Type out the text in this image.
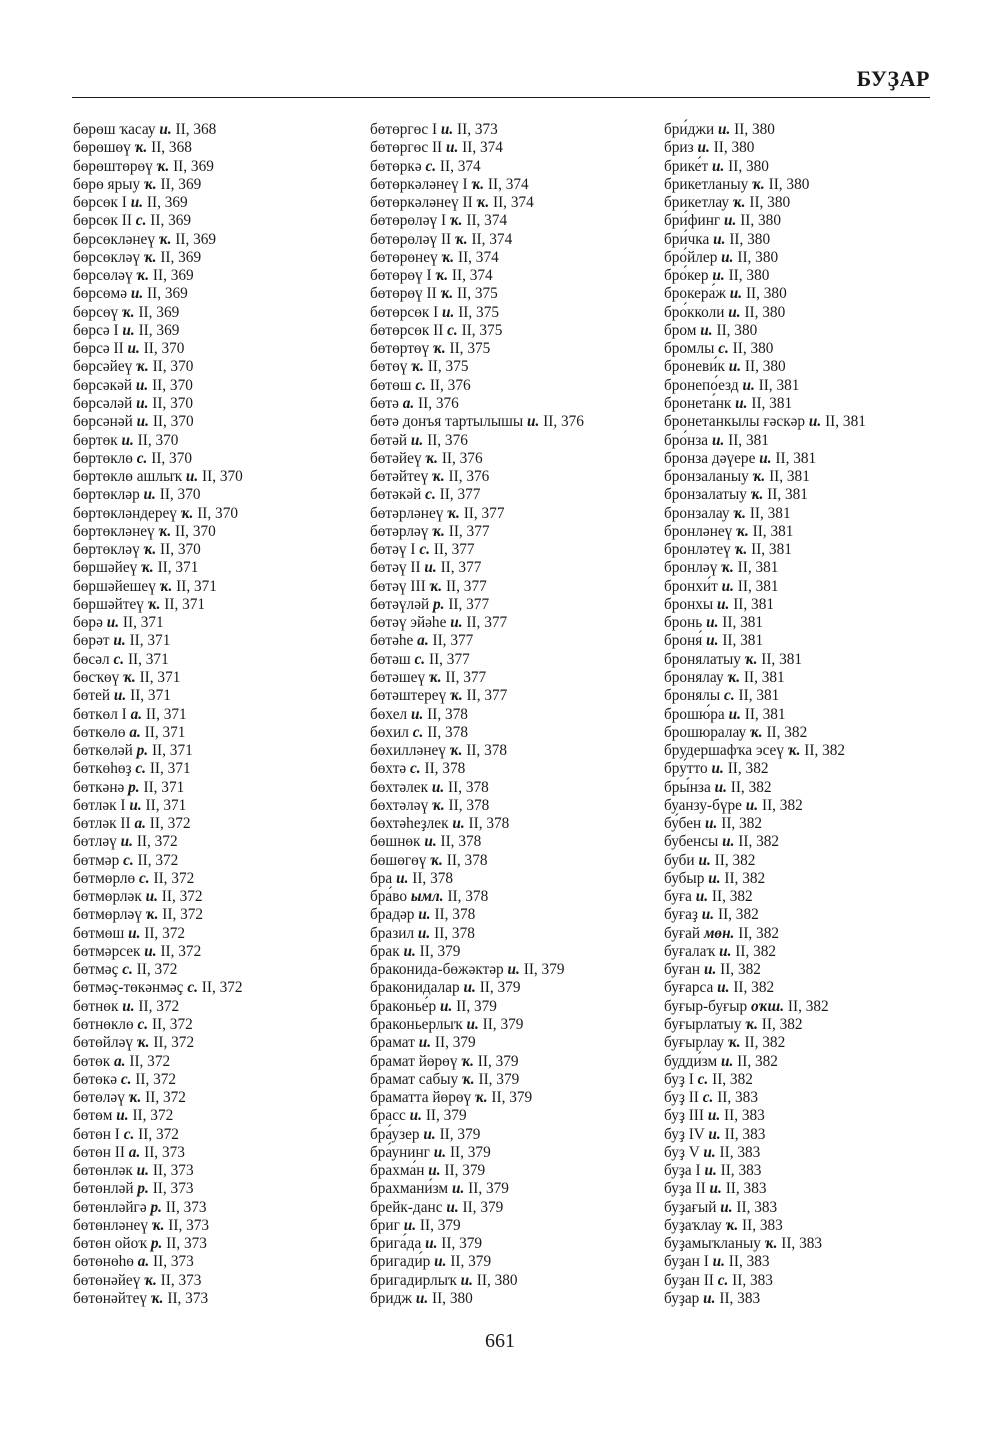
БУҘАР
бөрөш ҡасау и. II, 368
бөрөшөү ҡ. II, 368
бөрөштөрөү ҡ. II, 369
бөрө ярыу ҡ. II, 369
бөрсөк I и. II, 369
бөрсөк II с. II, 369
бөрсөкләнеү ҡ. II, 369
бөрсөкләү ҡ. II, 369
бөрсөләү ҡ. II, 369
бөрсөмә и. II, 369
бөрсөү ҡ. II, 369
бөрсә I и. II, 369
бөрсә II и. II, 370
бөрсәйеү ҡ. II, 370
бөрсәкәй и. II, 370
бөрсәләй и. II, 370
бөрсәнәй и. II, 370
бөртөк и. II, 370
бөртөклө с. II, 370
бөртөклө ашлыҡ и. II, 370
бөртөкләр и. II, 370
бөртөкләндереү ҡ. II, 370
бөртөкләнеү ҡ. II, 370
бөртөкләү ҡ. II, 370
бөршәйеү ҡ. II, 371
бөршәйешеү ҡ. II, 371
бөршәйтеү ҡ. II, 371
бөрә и. II, 371
бөрәт и. II, 371
бөсәл с. II, 371
бөсҡөү ҡ. II, 371
бөтей и. II, 371
бөткөл I а. II, 371
бөткөлө а. II, 371
бөткөләй р. II, 371
бөткөһөҙ с. II, 371
бөткәнә р. II, 371
бөтләк I и. II, 371
бөтләк II а. II, 372
бөтләү и. II, 372
бөтмәр с. II, 372
бөтмөрлө с. II, 372
бөтмөрләк и. II, 372
бөтмөрләү ҡ. II, 372
бөтмөш и. II, 372
бөтмәрсек и. II, 372
бөтмәҫ с. II, 372
бөтмәҫ-төкәнмәҫ с. II, 372
бөтнөк и. II, 372
бөтнөклө с. II, 372
бөтөйләү ҡ. II, 372
бөтөк а. II, 372
бөтөкә с. II, 372
бөтөләү ҡ. II, 372
бөтөм и. II, 372
бөтөн I с. II, 372
бөтөн II а. II, 373
бөтөнләк и. II, 373
бөтөнләй р. II, 373
бөтөнләйгә р. II, 373
бөтөнләнеү ҡ. II, 373
бөтөн ойоҡ р. II, 373
бөтөнөһө а. II, 373
бөтөнәйеү ҡ. II, 373
бөтөнәйтеү ҡ. II, 373
бөтөргөс I и. II, 373
бөтөргөс II и. II, 374
бөтөркә с. II, 374
бөтөркәләнеү I ҡ. II, 374
бөтөркәләнеү II ҡ. II, 374
бөтөрөләү I ҡ. II, 374
бөтөрөләү II ҡ. II, 374
бөтөрөнеү ҡ. II, 374
бөтөрөү I ҡ. II, 374
бөтөрөү II ҡ. II, 375
бөтөрсөк I и. II, 375
бөтөрсөк II с. II, 375
бөтөртөү ҡ. II, 375
бөтөү ҡ. II, 375
бөтөш с. II, 376
бөтә а. II, 376
бөтә донъя тартылышы и. II, 376
бөтәй и. II, 376
бөтәйеү ҡ. II, 376
бөтәйтеү ҡ. II, 376
бөтәкәй с. II, 377
бөтәрләнеү ҡ. II, 377
бөтәрләү ҡ. II, 377
бөтәү I с. II, 377
бөтәү II и. II, 377
бөтәү III ҡ. II, 377
бөтәүләй р. II, 377
бөтәү эйәһе и. II, 377
бөтәһе а. II, 377
бөтәш с. II, 377
бөтәшеү ҡ. II, 377
бөтәштереү ҡ. II, 377
бөхел и. II, 378
бөхил с. II, 378
бөхилләнеү ҡ. II, 378
бөхтә с. II, 378
бөхтәлек и. II, 378
бөхтәләү ҡ. II, 378
бөхтәһеҙлек и. II, 378
бөшнөк и. II, 378
бөшөгөү ҡ. II, 378
бра и. II, 378
бра́во ымл. II, 378
брадәр и. II, 378
бразил и. II, 378
брак и. II, 379
браконида-бөжәктәр и. II, 379
браконидалар и. II, 379
браконье́р и. II, 379
браконьерлыҡ и. II, 379
брамат и. II, 379
брамат йөрөү ҡ. II, 379
брамат сабыу ҡ. II, 379
браматта йөрөү ҡ. II, 379
брасс и. II, 379
бра́узер и. II, 379
бра́унинг и. II, 379
брахма́н и. II, 379
брахмани́зм и. II, 379
брейк-данс и. II, 379
бриг и. II, 379
брига́да и. II, 379
бригади́р и. II, 379
бригадирлыҡ и. II, 380
бридж и. II, 380
бри́джи и. II, 380
бриз и. II, 380
брике́т и. II, 380
брикетланыу ҡ. II, 380
брикетлау ҡ. II, 380
бри́финг и. II, 380
бри́чка и. II, 380
бро́йлер и. II, 380
бро́кер и. II, 380
брокера́ж и. II, 380
бро́кколи и. II, 380
бром и. II, 380
бромлы с. II, 380
броневи́к и. II, 380
бронепо́езд и. II, 381
бронета́нк и. II, 381
бронетанкылы ғәскәр и. II, 381
бро́нза и. II, 381
бронза дәүере и. II, 381
бронзаланыу ҡ. II, 381
бронзалатыу ҡ. II, 381
бронзалау ҡ. II, 381
бронләнеү ҡ. II, 381
бронләтеү ҡ. II, 381
бронләү ҡ. II, 381
бронхи́т и. II, 381
бронхы и. II, 381
бронь и. II, 381
броня́ и. II, 381
бронялатыу ҡ. II, 381
бронялау ҡ. II, 381
бронялы с. II, 381
брошю́ра и. II, 381
брошюралау ҡ. II, 382
брудершафҡа эсеү ҡ. II, 382
бру́тто и. II, 382
бры́нза и. II, 382
буанзу-бүре и. II, 382
бу́бен и. II, 382
бубенсы и. II, 382
буби и. II, 382
бубыр и. II, 382
буға и. II, 382
буғаҙ и. II, 382
буғай мөн. II, 382
буғалаҡ и. II, 382
буған и. II, 382
буғарса и. II, 382
буғыр-буғыр оҡш. II, 382
буғырлатыу ҡ. II, 382
буғырлау ҡ. II, 382
будди́зм и. II, 382
буҙ I с. II, 382
буҙ II с. II, 383
буҙ III и. II, 383
буҙ IV и. II, 383
буҙ V и. II, 383
буҙа I и. II, 383
буҙа II и. II, 383
буҙағый и. II, 383
буҙаҡлау ҡ. II, 383
буҙамыҡланыу ҡ. II, 383
буҙан I и. II, 383
буҙан II с. II, 383
буҙар и. II, 383
661
